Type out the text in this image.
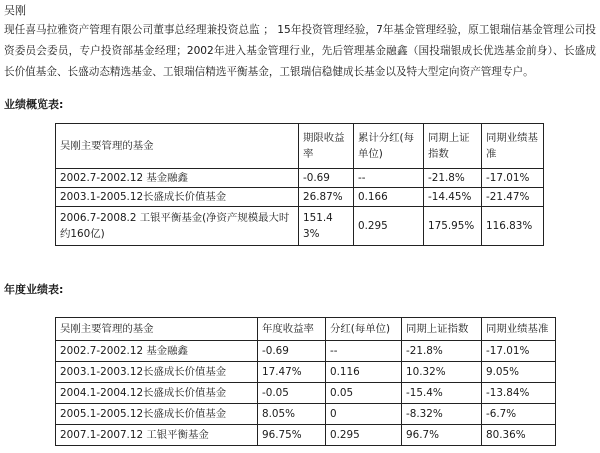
吴刚
现任喜马拉雅资产管理有限公司董事总经理兼投资总监 ； 15年投资管理经验，7年基金管理经验，原工银瑞信基金管理公司投资委员会委员，专户投资部基金经理；2002年进入基金管理行业，先后管理基金融鑫（国投瑞银成长优选基金前身）、长盛成长价值基金、长盛动态精选基金、工银瑞信精选平衡基金，工银瑞信稳健成长基金以及特大型定向资产管理专户。
业绩概览表:
吴刚主要管理的基金	期限收益率	累计分红(每单位)	同期上证指数	同期业绩基准
2002.7-2002.12 基金融鑫	-0.69	--	-21.8%	-17.01%
2003.1-2005.12长盛成长价值基金	26.87%	0.166	-14.45%	-21.47%
2006.7-2008.2 工银平衡基金(净资产规模最大时约160亿)	151.43%	0.295	175.95%	116.83%
年度业绩表:
吴刚主要管理的基金	年度收益率	分红(每单位)	同期上证指数	同期业绩基准
2002.7-2002.12 基金融鑫	-0.69	--	-21.8%	-17.01%
2003.1-2003.12长盛成长价值基金	17.47%	0.116	10.32%	9.05%
2004.1-2004.12长盛成长价值基金	-0.05	0.05	-15.4%	-13.84%
2005.1-2005.12长盛成长价值基金	8.05%	0	-8.32%	-6.7%
2007.1-2007.12 工银平衡基金	96.75%	0.295	96.7%	80.36%
